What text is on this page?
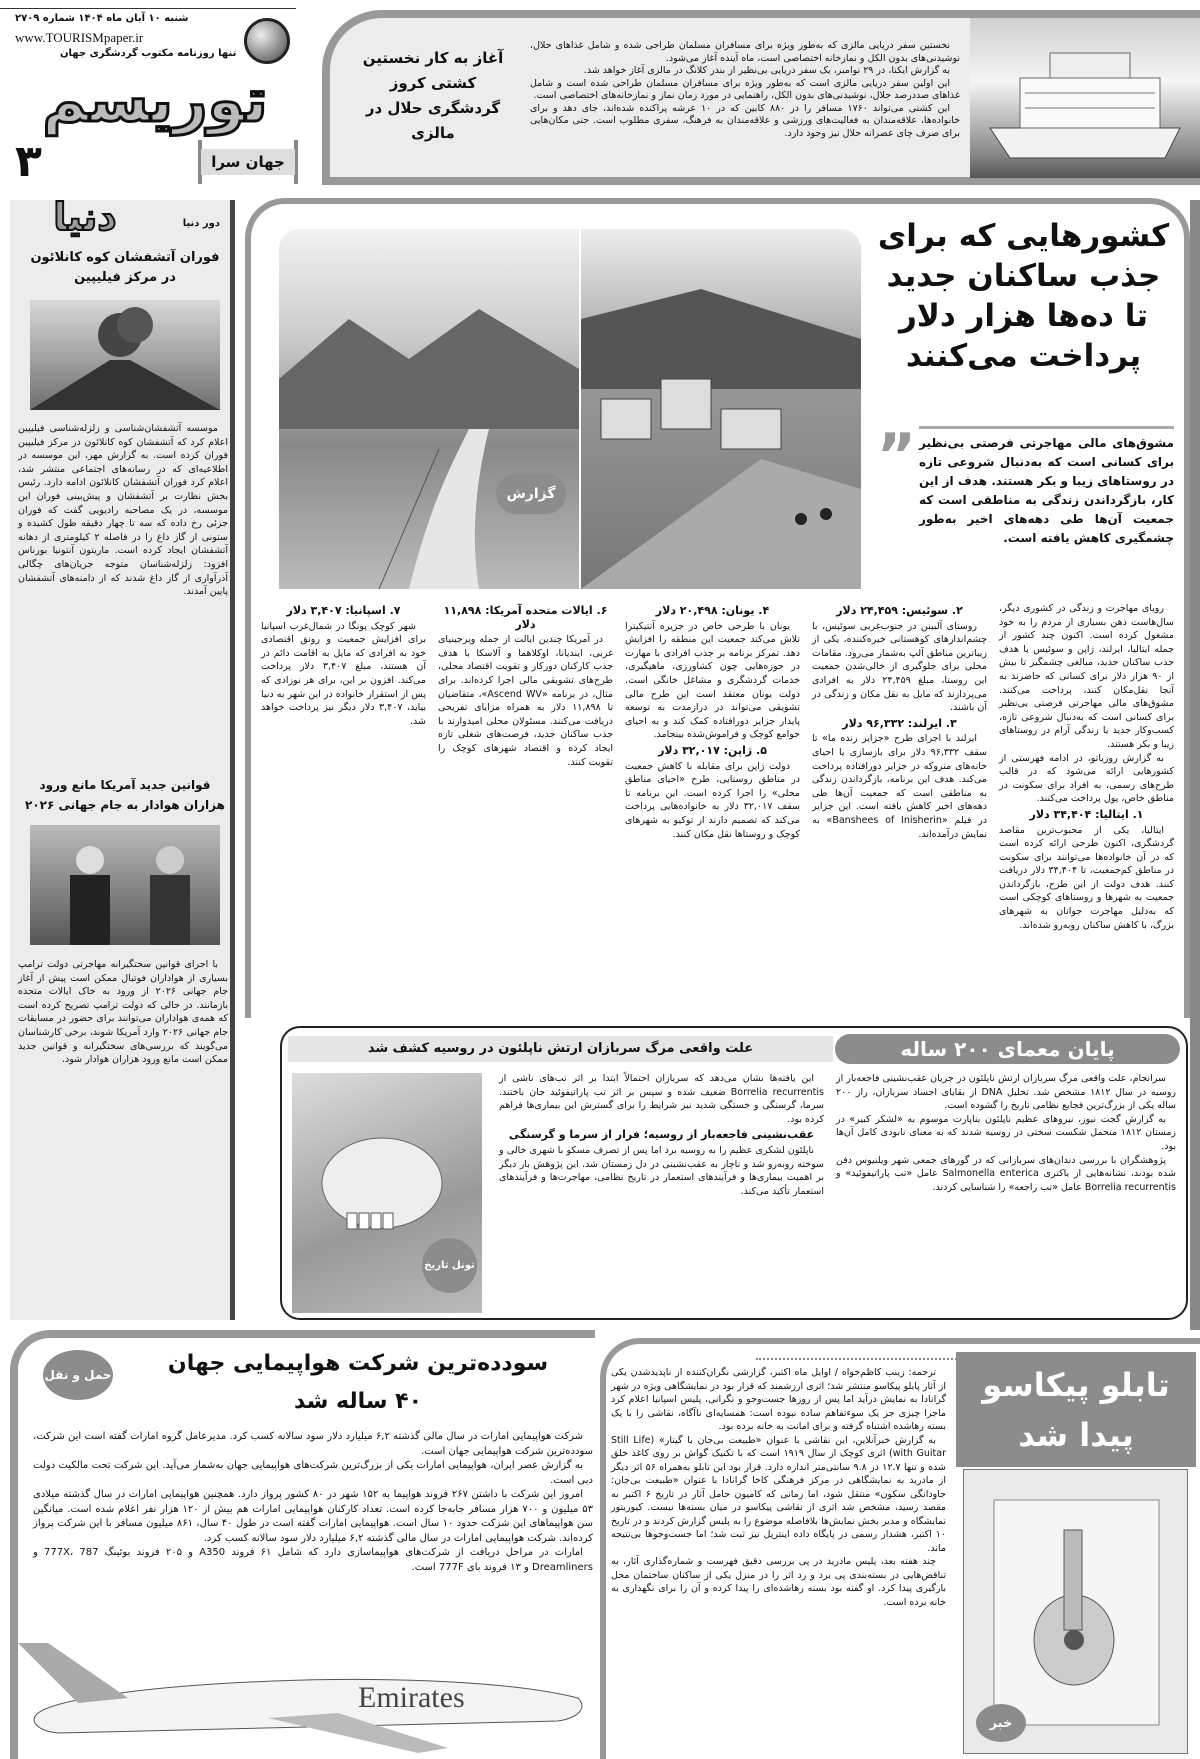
شنبه ۱۰ آبان ماه ۱۴۰۴ شماره ۲۷۰۹
www.TOURISMpaper.ir
تنها روزنامه مکتوب گردشگری جهان
توریسم
۳	جهان سرا

نخستین سفر دریایی مالزی که به‌طور ویژه برای مسافران مسلمان طراحی شده و شامل غذاهای حلال، نوشیدنی‌های بدون الکل و نمازخانه اختصاصی است، ماه آینده آغاز می‌شود.

به گزارش ایکنا، در ۲۹ نوامبر، یک سفر دریایی بی‌نظیر از بندر کلانگ در مالزی آغاز خواهد شد.

این اولین سفر دریایی مالزی است که به‌طور ویژه برای مسافران مسلمان طراحی شده است و شامل غذاهای صددرصد حلال، نوشیدنی‌های بدون الکل، راهنمایی در مورد زمان نماز و نمازخانه‌های اختصاصی است.

این کشتی می‌تواند ۱۷۶۰ مسافر را در ۸۸۰ کابین که در ۱۰ عرشه پراکنده شده‌اند، جای دهد و برای خانواده‌ها، علاقه‌مندان به فعالیت‌های ورزشی و علاقه‌مندان به فرهنگ، سفری مطلوب است. حتی مکان‌هایی برای صرف چای عصرانه حلال نیز وجود دارد.

آغاز به کار نخستین کشتی کروز گردشگری حلال در مالزی
دنیا	دور دنیا
فوران آتشفشان کوه کانلائون در مرکز فیلیپین

موسسه آتشفشان‌شناسی و زلزله‌شناسی فیلیپین اعلام کرد که آتشفشان کوه کانلائون در مرکز فیلیپین فوران کرده است. به گزارش مهر، این موسسه در اطلاعیه‌ای که در رسانه‌های اجتماعی منتشر شد، اعلام کرد فوران آتشفشان کانلائون ادامه دارد. رئیس بخش نظارت بر آتشفشان و پیش‌بینی فوران این موسسه، در یک مصاحبه رادیویی گفت که فوران جزئی رخ داده که سه تا چهار دقیقه طول کشیده و ستونی از گاز داغ را در فاصله ۲ کیلومتری از دهانه آتشفشان ایجاد کرده است. ماریتون آنتونیا بورناس افزود: زلزله‌شناسان متوجه جریان‌های چگالی آذرآواری از گاز داغ شدند که از دامنه‌های آتشفشان پایین آمدند.

قوانین جدید آمریکا مانع ورود هزاران هوادار به جام جهانی ۲۰۲۶

با اجرای قوانین سختگیرانه مهاجرتی دولت ترامپ بسیاری از هواداران فوتبال ممکن است پیش از آغاز جام جهانی ۲۰۲۶ از ورود به خاک ایالات متحده بازمانند. در حالی که دولت ترامپ تصریح کرده است که همه‌ی هواداران می‌توانند برای حضور در مسابقات جام جهانی ۲۰۲۶ وارد آمریکا شوند، برخی کارشناسان می‌گویند که بررسی‌های سختگیرانه و قوانین جدید ممکن است مانع ورود هزاران هوادار شود.

گزارش
کشورهایی که برای جذب ساکنان جدید تا ده‌ها هزار دلار پرداخت می‌کنند
” مشوق‌های مالی مهاجرتی فرصتی بی‌نظیر برای کسانی است که به‌دنبال شروعی تازه در روستاهای زیبا و بکر هستند. هدف از این کار، بازگرداندن زندگی به مناطقی است که جمعیت آن‌ها طی دهه‌های اخیر به‌طور چشمگیری کاهش یافته است.

رویای مهاجرت و زندگی در کشوری دیگر، سال‌هاست ذهن بسیاری از مردم را به خود مشغول کرده است. اکنون چند کشور از جمله ایتالیا، ایرلند، ژاپن و سوئیس با هدف جذب ساکنان جدید، مبالغی چشمگیر تا بیش از ۹۰ هزار دلار برای کسانی که حاضرند به آنجا نقل‌مکان کنند، پرداخت می‌کنند. مشوق‌های مالی مهاجرتی فرصتی بی‌نظیر برای کسانی است که به‌دنبال شروعی تازه، کسب‌وکار جدید یا زندگی آرام در روستاهای زیبا و بکر هستند.

به گزارش روزیاتو، در ادامه فهرستی از کشورهایی ارائه می‌شود که در قالب طرح‌های رسمی، به افراد برای سکونت در مناطق خاص، پول پرداخت می‌کنند.

۱. ایتالیا: ۳۴,۴۰۴ دلار

ایتالیا، یکی از محبوب‌ترین مقاصد گردشگری، اکنون طرحی ارائه کرده است که در آن خانواده‌ها می‌توانند برای سکونت در مناطق کم‌جمعیت، تا ۳۴,۴۰۴ دلار دریافت کنند. هدف دولت از این طرح، بازگرداندن جمعیت به شهرها و روستاهای کوچکی است که به‌دلیل مهاجرت جوانان به شهرهای بزرگ، با کاهش ساکنان روبه‌رو شده‌اند.

۲. سوئیس: ۲۴,۴۵۹ دلار

روستای آلبینن در جنوب‌غربی سوئیس، با چشم‌اندازهای کوهستانی خیره‌کننده، یکی از زیباترین مناطق آلپ به‌شمار می‌رود. مقامات محلی برای جلوگیری از خالی‌شدن جمعیت این روستا، مبلغ ۲۴,۴۵۹ دلار به افرادی می‌پردازند که مایل به نقل مکان و زندگی در آن باشند.

۳. ایرلند: ۹۶,۳۳۲ دلار

ایرلند با اجرای طرح «جزایر زنده ما» تا سقف ۹۶,۳۳۲ دلار برای بازسازی یا احیای خانه‌های متروکه در جزایر دورافتاده پرداخت می‌کند. هدف این برنامه، بازگرداندن زندگی به مناطقی است که جمعیت آن‌ها طی دهه‌های اخیر کاهش یافته است. این جزایر در فیلم «Banshees of Inisherin» به نمایش درآمده‌اند.

۴. یونان: ۲۰,۴۹۸ دلار

یونان با طرحی خاص در جزیره آنتیکیترا تلاش می‌کند جمعیت این منطقه را افزایش دهد. تمرکز برنامه بر جذب افرادی با مهارت در حوزه‌هایی چون کشاورزی، ماهیگیری، خدمات گردشگری و مشاغل خانگی است. دولت یونان معتقد است این طرح مالی تشویقی می‌تواند در درازمدت به توسعه پایدار جزایر دورافتاده کمک کند و به احیای جوامع کوچک و فراموش‌شده بینجامد.

۵. ژاپن: ۳۲,۰۱۷ دلار

دولت ژاپن برای مقابله با کاهش جمعیت در مناطق روستایی، طرح «احیای مناطق محلی» را اجرا کرده است. این برنامه تا سقف ۳۲,۰۱۷ دلار به خانواده‌هایی پرداخت می‌کند که تصمیم دارند از توکیو به شهرهای کوچک و روستاها نقل مکان کنند.

۶. ایالات متحده آمریکا: ۱۱,۸۹۸ دلار

در آمریکا چندین ایالت از جمله ویرجینیای غربی، ایندیانا، اوکلاهما و آلاسکا با هدف جذب کارکنان دورکار و تقویت اقتصاد محلی، طرح‌های تشویقی مالی اجرا کرده‌اند. برای مثال، در برنامه «Ascend WV»، متقاضیان تا ۱۱,۸۹۸ دلار به همراه مزایای تفریحی دریافت می‌کنند. مسئولان محلی امیدوارند با جذب ساکنان جدید، فرصت‌های شغلی تازه ایجاد کرده و اقتصاد شهرهای کوچک را تقویت کنند.

۷. اسپانیا: ۳,۴۰۷ دلار

شهر کوچک پونگا در شمال‌غرب اسپانیا برای افزایش جمعیت و رونق اقتصادی خود به افرادی که مایل به اقامت دائم در آن هستند، مبلغ ۳,۴۰۷ دلار پرداخت می‌کند. افزون بر این، برای هر نوزادی که پس از استقرار خانواده در این شهر به دنیا بیاید، ۳,۴۰۷ دلار دیگر نیز پرداخت خواهد شد.

پایان معمای ۲۰۰ ساله
علت واقعی مرگ سربازان ارتش ناپلئون در روسیه کشف شد
تونل تاریخ

سرانجام، علت واقعی مرگ سربازان ارتش ناپلئون در جریان عقب‌نشینی فاجعه‌بار از روسیه در سال ۱۸۱۲ مشخص شد. تحلیل DNA از بقایای اجساد سربازان، راز ۲۰۰ ساله یکی از بزرگ‌ترین فجایع نظامی تاریخ را گشوده است.

به گزارش گجت نیوز، نیروهای عظیم ناپلئون بناپارت موسوم به «لشکر کبیر» در زمستان ۱۸۱۲ متحمل شکست سختی در روسیه شدند که به معنای نابودی کامل آن‌ها بود.

پژوهشگران با بررسی دندان‌های سربازانی که در گورهای جمعی شهر ویلنیوس دفن شده بودند، نشانه‌هایی از باکتری Salmonella enterica عامل «تب پاراتیفوئید» و Borrelia recurrentis عامل «تب راجعه» را شناسایی کردند.

این یافته‌ها نشان می‌دهد که سربازان احتمالاً ابتدا بر اثر تب‌های ناشی از Borrelia recurrentis ضعیف شده و سپس بر اثر تب پاراتیفوئید جان باختند. سرما، گرسنگی و خستگی شدید نیز شرایط را برای گسترش این بیماری‌ها فراهم کرده بود.

عقب‌نشینی فاجعه‌بار از روسیه؛ فرار از سرما و گرسنگی

ناپلئون لشکری عظیم را به روسیه برد اما پس از تصرف مسکو با شهری خالی و سوخته روبه‌رو شد و ناچار به عقب‌نشینی در دل زمستان شد. این پژوهش بار دیگر بر اهمیت بیماری‌ها و فرآیندهای استعمار در تاریخ نظامی، مهاجرت‌ها و فرآیندهای استعمار تأکید می‌کند.

حمل و نقل	سودده‌ترین شرکت هواپیمایی جهان
۴۰ ساله شد

شرکت هواپیمایی امارات در سال مالی گذشته ۶,۲ میلیارد دلار سود سالانه کسب کرد. مدیرعامل گروه امارات گفته است این شرکت، سودده‌ترین شرکت هواپیمایی جهان است.

به گزارش عصر ایران، هواپیمایی امارات یکی از بزرگ‌ترین شرکت‌های هواپیمایی جهان به‌شمار می‌آید. این شرکت تحت مالکیت دولت دبی است.

امروز این شرکت با داشتن ۲۶۷ فروند هواپیما به ۱۵۲ شهر در ۸۰ کشور پرواز دارد. همچنین هواپیمایی امارات در سال گذشته میلادی ۵۳ میلیون و ۷۰۰ هزار مسافر جابه‌جا کرده است. تعداد کارکنان هواپیمایی امارات هم بیش از ۱۲۰ هزار نفر اعلام شده است. میانگین سن هواپیماهای این شرکت حدود ۱۰ سال است. هواپیمایی امارات گفته است در طول ۴۰ سال، ۸۶۱ میلیون مسافر با این شرکت پرواز کرده‌اند. شرکت هواپیمایی امارات در سال مالی گذشته ۶,۲ میلیارد دلار سود سالانه کسب کرد.

امارات در مراحل دریافت از شرکت‌های هواپیماسازی دارد که شامل ۶۱ فروند A350 و ۲۰۵ فروند بوئینگ 777X، 787 و Dreamliners و ۱۳ فروند بای 777F است.

Emirates
تابلو پیکاسو پیدا شد

ترجمه: زینب کاظم‌خواه / اوایل ماه اکتبر، گزارشی نگران‌کننده از ناپدیدشدن یکی از آثار پابلو پیکاسو منتشر شد؛ اثری ارزشمند که قرار بود در نمایشگاهی ویژه در شهر گرانادا به نمایش درآید اما پس از روزها جست‌وجو و نگرانی، پلیس اسپانیا اعلام کرد ماجرا چیزی جز یک سوءتفاهم ساده نبوده است: همسایه‌ای ناآگاه، نقاشی را با یک بسته رهاشده اشتباه گرفته و برای امانت به خانه برده بود.

به گزارش خبرآنلاین، این نقاشی با عنوان «طبیعت بی‌جان با گیتار» (Still Life with Guitar) اثری کوچک از سال ۱۹۱۹ است که با تکنیک گواش بر روی کاغذ خلق شده و تنها ۱۲.۷ در ۹.۸ سانتی‌متر اندازه دارد. قرار بود این تابلو به‌همراه ۵۶ اثر دیگر از مادرید به نمایشگاهی در مرکز فرهنگی کاخا گرانادا با عنوان «طبیعت بی‌جان: جاودانگی سکون» منتقل شود، اما زمانی که کامیون حامل آثار در تاریخ ۶ اکتبر به مقصد رسید، مشخص شد اثری از نقاشی پیکاسو در میان بسته‌ها نیست. کیوریتور نمایشگاه و مدیر بخش نمایش‌ها بلافاصله موضوع را به پلیس گزارش کردند و در تاریخ ۱۰ اکتبر، هشدار رسمی در پایگاه داده اینترپل نیز ثبت شد؛ اما جست‌وجوها بی‌نتیجه ماند.

چند هفته بعد، پلیس مادرید در پی بررسی دقیق فهرست و شماره‌گذاری آثار، به تناقض‌هایی در بسته‌بندی پی برد و رد اثر را در منزل یکی از ساکنان ساختمان محل بارگیری پیدا کرد. او گفته بود بسته رهاشده‌ای را پیدا کرده و آن را برای نگهداری به خانه برده است.

خبر
